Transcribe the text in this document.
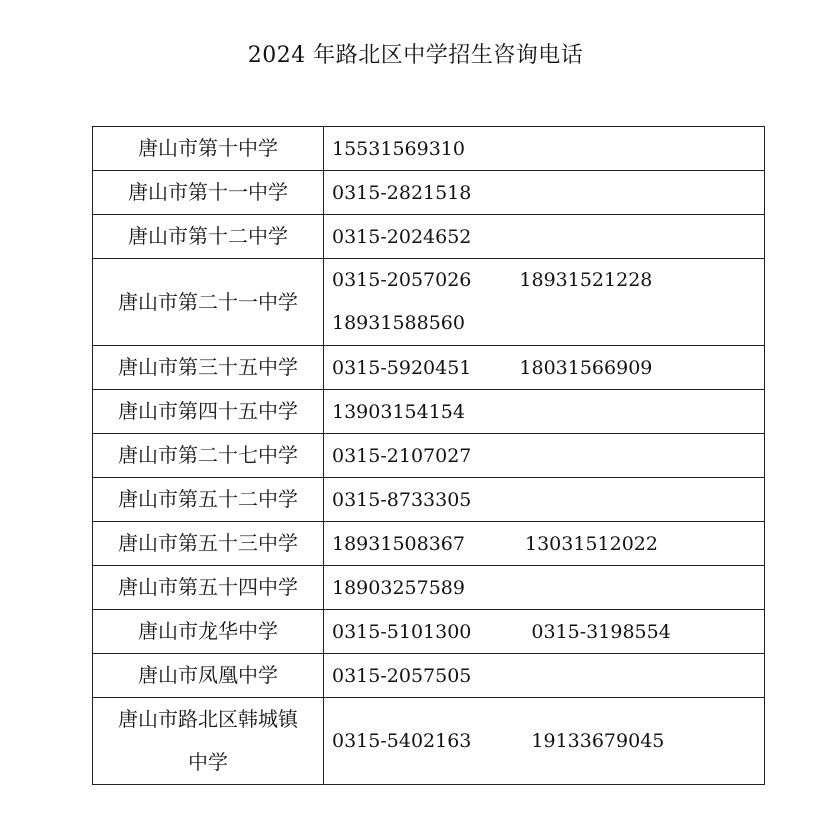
2024 年路北区中学招生咨询电话
唐山市第十中学	15531569310
唐山市第十一中学	0315-2821518
唐山市第十二中学	0315-2024652
唐山市第二十一中学	0315-2057026 18931521228
18931588560

唐山市第三十五中学	0315-5920451 18031566909
唐山市第四十五中学	13903154154
唐山市第二十七中学	0315-2107027
唐山市第五十二中学	0315-8733305
唐山市第五十三中学	18931508367 13031512022
唐山市第五十四中学	18903257589
唐山市龙华中学	0315-5101300 0315-3198554
唐山市凤凰中学	0315-2057505

唐山市路北区韩城镇
中学	0315-5402163 19133679045
